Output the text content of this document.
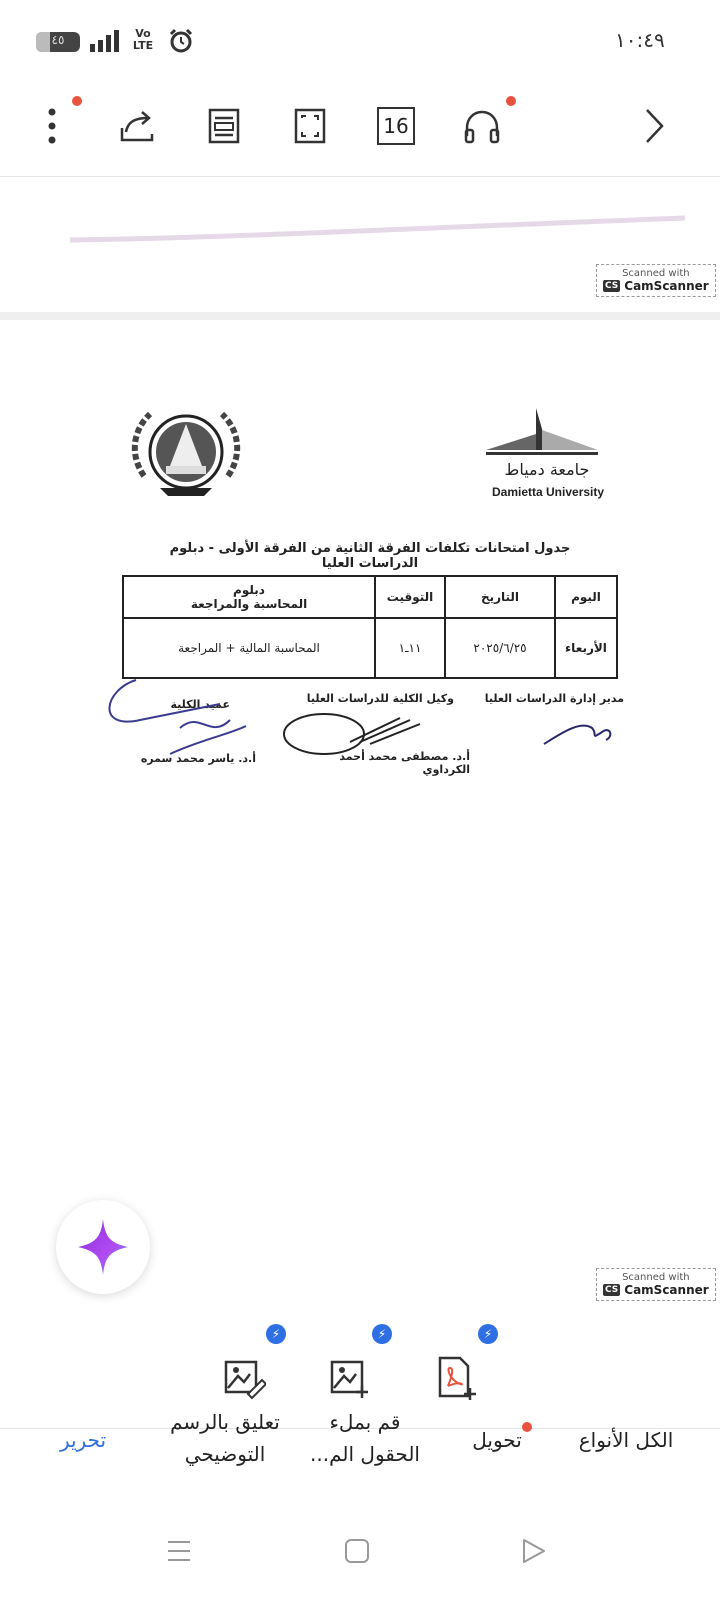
٤٥	Vo LTE	١٠:٤٩
16
Scanned with
CS CamScanner
جامعة دمياط
Damietta University
جدول امتحانات تكلفات الفرقة الثانية من الفرقة الأولى - دبلوم الدراسات العليا
اليوم	التاريخ	التوقيت	دبلوم
المحاسبة والمراجعة

الأربعاء	٢٠٢٥/٦/٢٥	١١ـ١	المحاسبة المالية + المراجعة
مدير إدارة الدراسات العليا
وكيل الكلية للدراسات العليا
عميد الكلية
أ.د. مصطفى محمد أحمد الكرداوي
أ.د. ياسر محمد سمره
Scanned with
CS CamScanner
⚡	⚡	⚡
الكل الأنواع
تحويل
قم بملء
الحقول الم...
تعليق بالرسم
التوضيحي
تحرير
